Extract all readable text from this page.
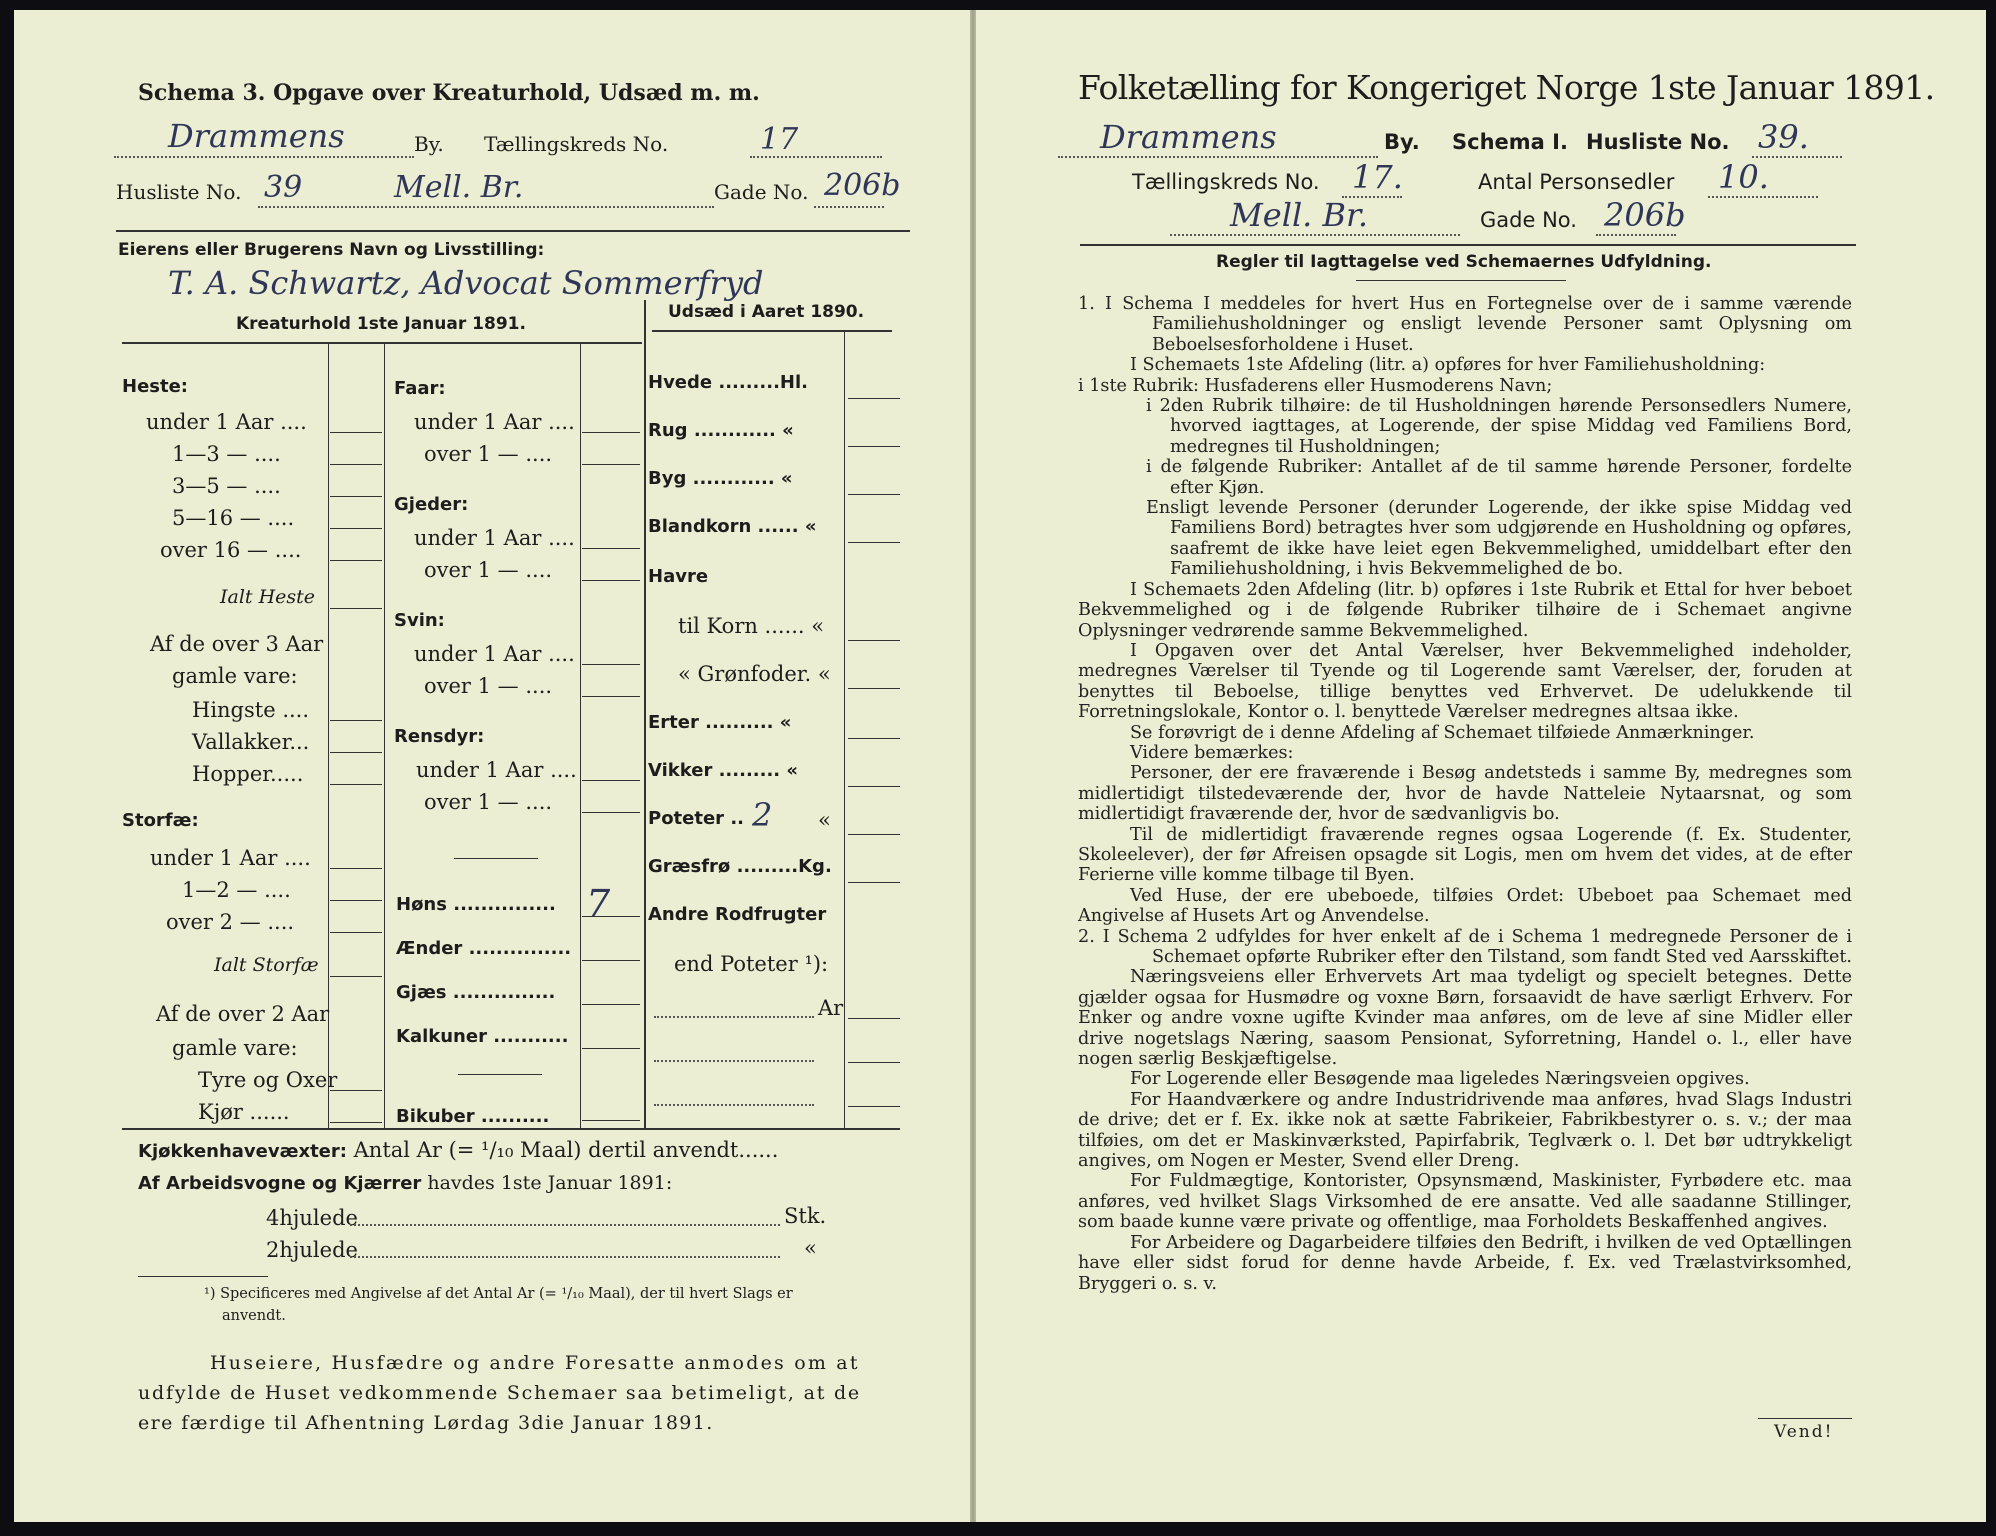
Schema 3. Opgave over Kreaturhold, Udsæd m. m.
Drammens	By. Tællingskreds No.	17
Husliste No. 39	Mell. Br.	Gade No. 206b
Eierens eller Brugerens Navn og Livsstilling:
T. A. Schwartz, Advocat Sommerfryd
Kreaturhold 1ste Januar 1891.
Udsæd i Aaret 1890.
Heste:
under 1 Aar ....
1—3 — ....
3—5 — ....
5—16 — ....
over 16 — ....
Ialt Heste
Af de over 3 Aar
gamle vare:
Hingste ....
Vallakker...
Hopper.....
Storfæ:
under 1 Aar ....
1—2 — ....
over 2 — ....
Ialt Storfæ
Af de over 2 Aar
gamle vare:
Tyre og Oxer
Kjør ......
Faar:
under 1 Aar ....
over 1 — ....
Gjeder:
under 1 Aar ....
over 1 — ....
Svin:
under 1 Aar ....
over 1 — ....
Rensdyr:
under 1 Aar ....
over 1 — ....
Høns ............... 7
Ænder ...............
Gjæs ...............
Kalkuner ...........
Bikuber ..........
Hvede .........Hl.
Rug ............ «
Byg ............ «
Blandkorn ...... «
Havre
til Korn ...... «
« Grønfoder. «
Erter .......... «
Vikker ......... «
Poteter .. 2 «
Græsfrø .........Kg.
Andre Rodfrugter
end Poteter ¹):
Ar
Kjøkkenhavevæxter: Antal Ar (= ¹/₁₀ Maal) dertil anvendt......
Af Arbeidsvogne og Kjærrer havdes 1ste Januar 1891:
4hjulede	Stk.
2hjulede	«
¹) Specificeres med Angivelse af det Antal Ar (= ¹/₁₀ Maal), der til hvert Slags er
anvendt.
Huseiere, Husfædre og andre Foresatte anmodes om at
udfylde de Huset vedkommende Schemaer saa betimeligt, at de
ere færdige til Afhentning Lørdag 3die Januar 1891.
Folketælling for Kongeriget Norge 1ste Januar 1891.
Drammens	By. Schema I. Husliste No. 39.
Tællingskreds No. 17.	Antal Personsedler 10.
Mell. Br.	Gade No. 206b
Regler til Iagttagelse ved Schemaernes Udfyldning.

1. I Schema I meddeles for hvert Hus en Fortegnelse over de i samme værende Familiehusholdninger og ensligt levende Personer samt Oplysning om Beboelsesforholdene i Huset.

I Schemaets 1ste Afdeling (litr. a) opføres for hver Familiehusholdning:

i 1ste Rubrik: Husfaderens eller Husmoderens Navn;

i 2den Rubrik tilhøire: de til Husholdningen hørende Personsedlers Numere, hvorved iagttages, at Logerende, der spise Middag ved Familiens Bord, medregnes til Husholdningen;

i de følgende Rubriker: Antallet af de til samme hørende Personer, fordelte efter Kjøn.

Ensligt levende Personer (derunder Logerende, der ikke spise Middag ved Familiens Bord) betragtes hver som udgjørende en Husholdning og opføres, saafremt de ikke have leiet egen Bekvemmelighed, umiddelbart efter den Familiehusholdning, i hvis Bekvemmelighed de bo.

I Schemaets 2den Afdeling (litr. b) opføres i 1ste Rubrik et Ettal for hver beboet Bekvemmelighed og i de følgende Rubriker tilhøire de i Schemaet angivne Oplysninger vedrørende samme Bekvemmelighed.

I Opgaven over det Antal Værelser, hver Bekvemmelighed indeholder, medregnes Værelser til Tyende og til Logerende samt Værelser, der, foruden at benyttes til Beboelse, tillige benyttes ved Erhvervet. De udelukkende til Forretningslokale, Kontor o. l. benyttede Værelser medregnes altsaa ikke.

Se forøvrigt de i denne Afdeling af Schemaet tilføiede Anmærkninger.

Videre bemærkes:

Personer, der ere fraværende i Besøg andetsteds i samme By, medregnes som midlertidigt tilstedeværende der, hvor de havde Natteleie Nytaarsnat, og som midlertidigt fraværende der, hvor de sædvanligvis bo.

Til de midlertidigt fraværende regnes ogsaa Logerende (f. Ex. Studenter, Skoleelever), der før Afreisen opsagde sit Logis, men om hvem det vides, at de efter Ferierne ville komme tilbage til Byen.

Ved Huse, der ere ubeboede, tilføies Ordet: Ubeboet paa Schemaet med Angivelse af Husets Art og Anvendelse.

2. I Schema 2 udfyldes for hver enkelt af de i Schema 1 medregnede Personer de i Schemaet opførte Rubriker efter den Tilstand, som fandt Sted ved Aarsskiftet.

Næringsveiens eller Erhvervets Art maa tydeligt og specielt betegnes. Dette gjælder ogsaa for Husmødre og voxne Børn, forsaavidt de have særligt Erhverv. For Enker og andre voxne ugifte Kvinder maa anføres, om de leve af sine Midler eller drive nogetslags Næring, saasom Pensionat, Syforretning, Handel o. l., eller have nogen særlig Beskjæftigelse.

For Logerende eller Besøgende maa ligeledes Næringsveien opgives.

For Haandværkere og andre Industridrivende maa anføres, hvad Slags Industri de drive; det er f. Ex. ikke nok at sætte Fabrikeier, Fabrikbestyrer o. s. v.; der maa tilføies, om det er Maskinværksted, Papirfabrik, Teglværk o. l. Det bør udtrykkeligt angives, om Nogen er Mester, Svend eller Dreng.

For Fuldmægtige, Kontorister, Opsynsmænd, Maskinister, Fyrbødere etc. maa anføres, ved hvilket Slags Virksomhed de ere ansatte. Ved alle saadanne Stillinger, som baade kunne være private og offentlige, maa Forholdets Beskaffenhed angives.

For Arbeidere og Dagarbeidere tilføies den Bedrift, i hvilken de ved Optællingen have eller sidst forud for denne havde Arbeide, f. Ex. ved Trælastvirksomhed, Bryggeri o. s. v.

Vend!
